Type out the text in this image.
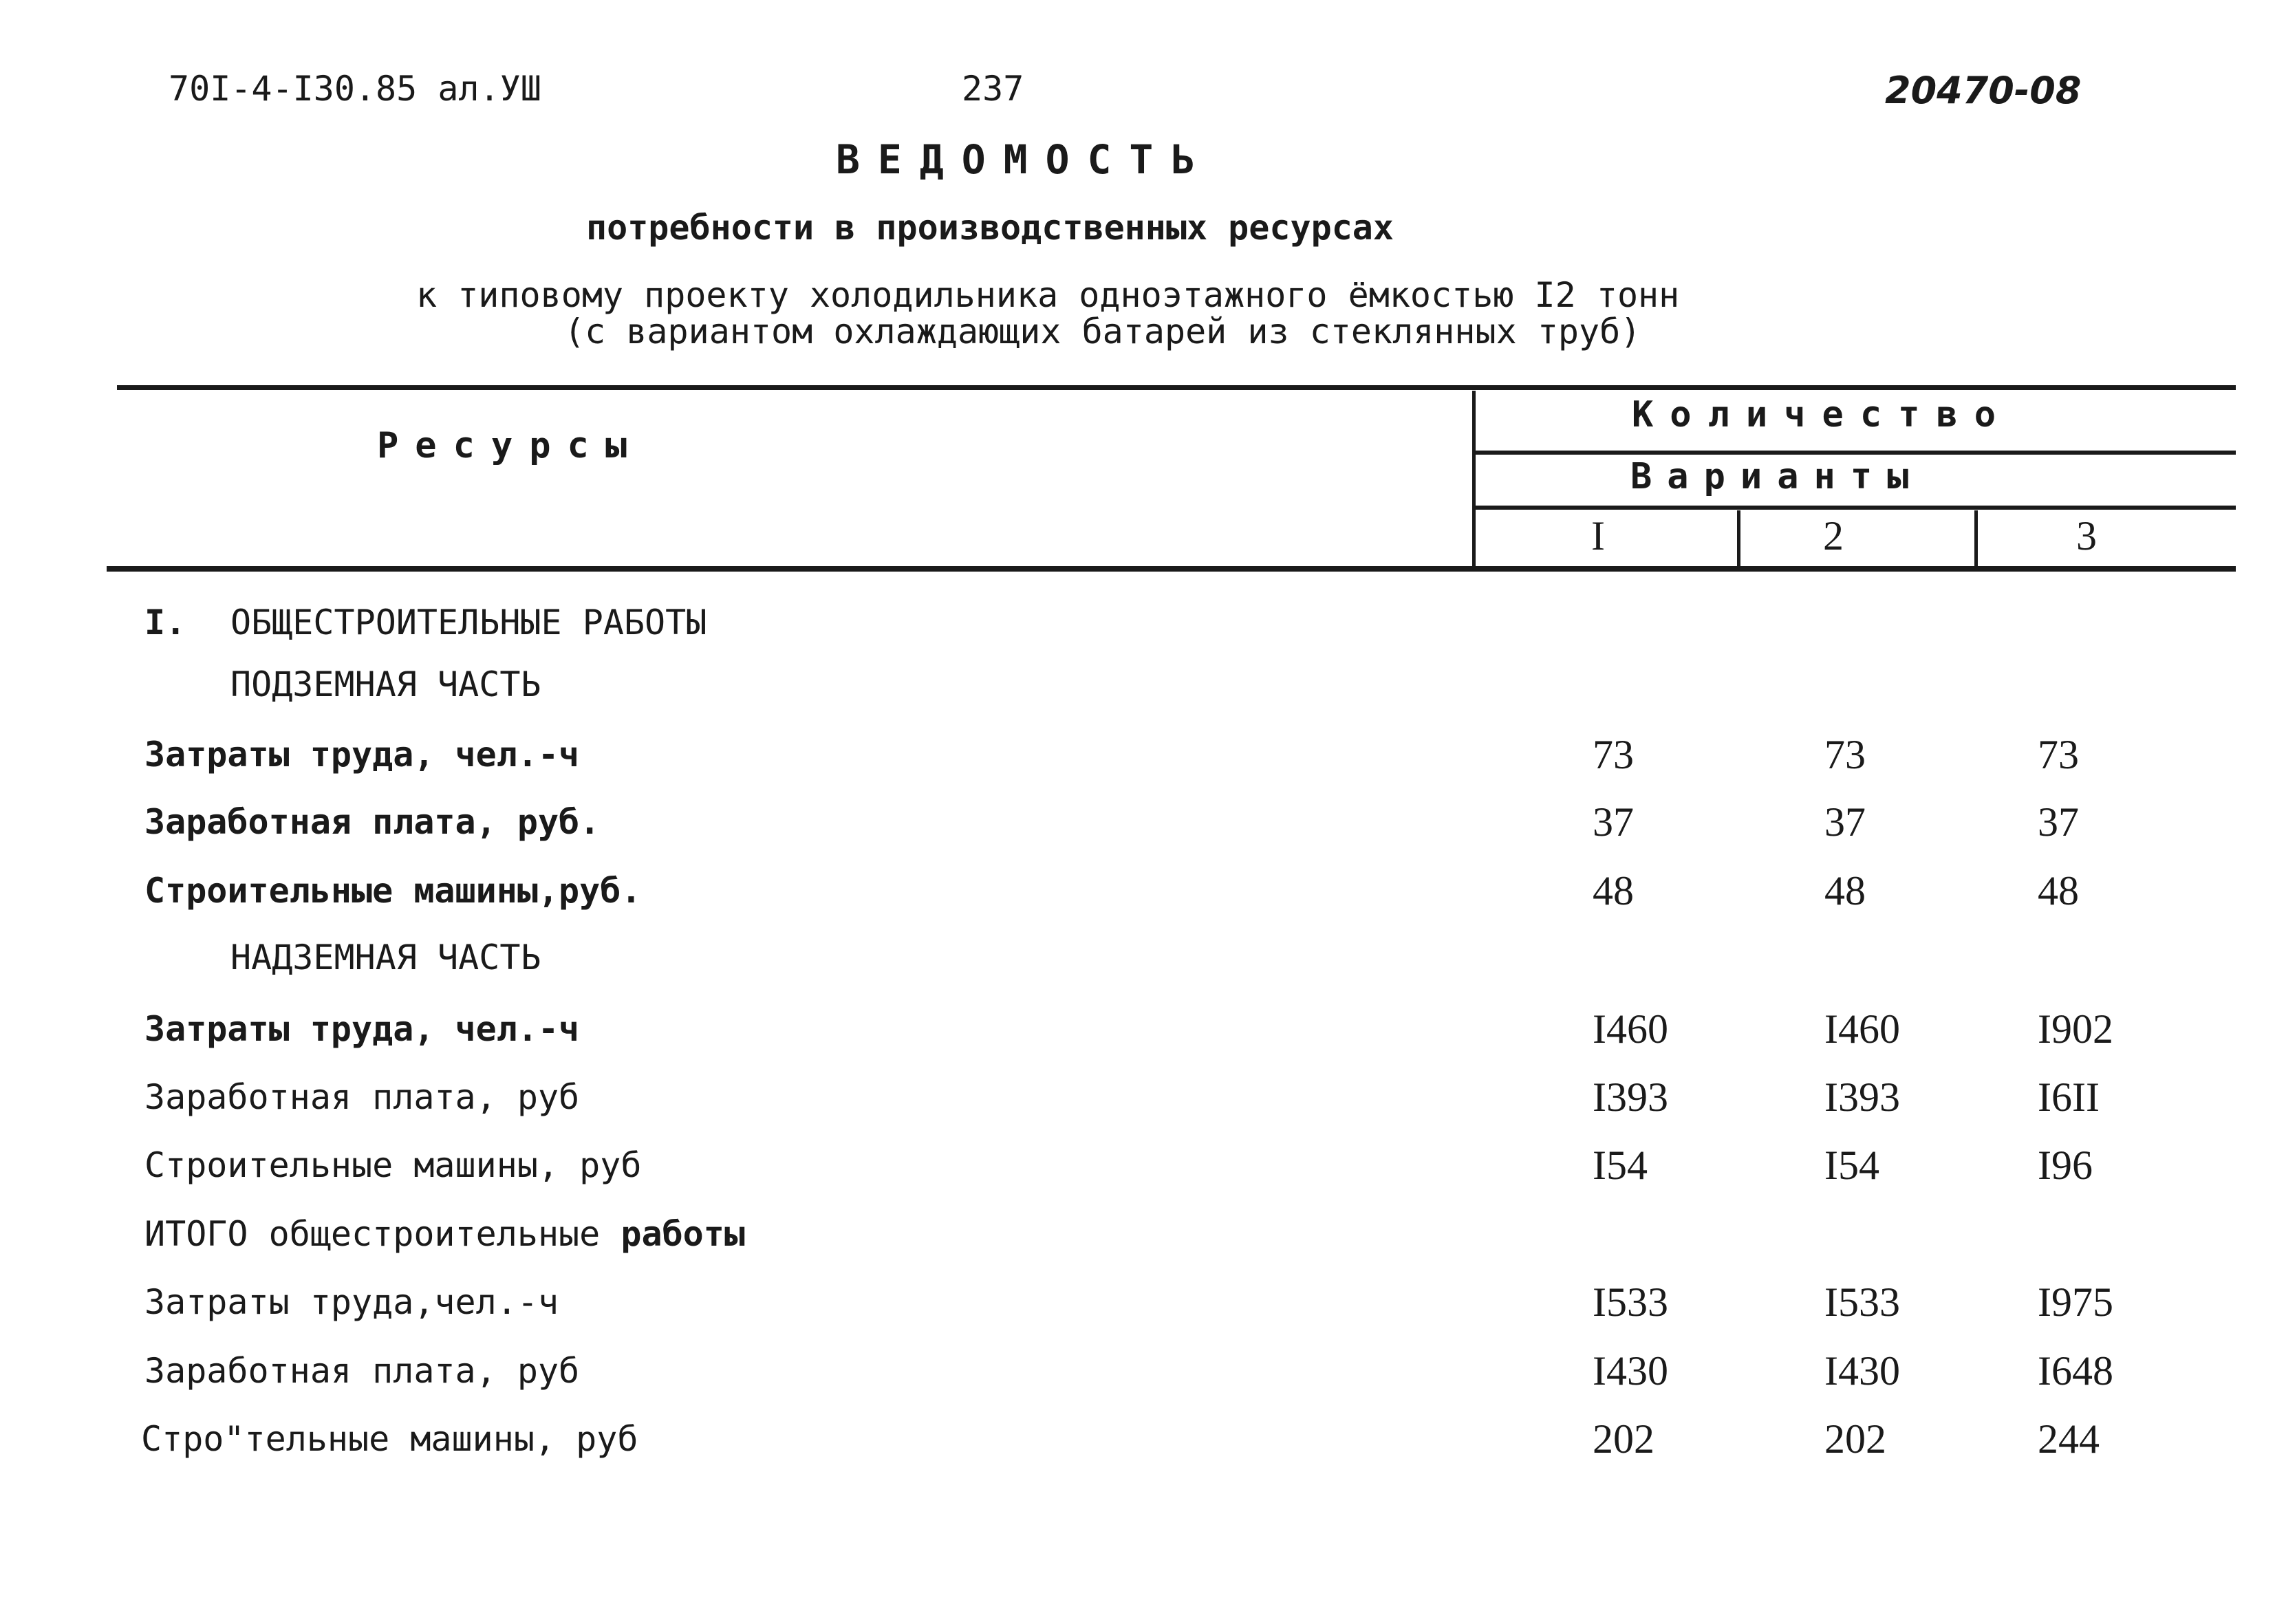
70I-4-I30.85 ал.УШ	237	20470-08
ВЕДОМОСТЬ
потребности в производственных ресурсах
к типовому проекту холодильника одноэтажного ёмкостью I2 тонн
(с вариантом охлаждающих батарей из стеклянных труб)
Ресурсы
Количество
Варианты
I	2	3
I. ОБЩЕСТРОИТЕЛЬНЫЕ РАБОТЫ
ПОДЗЕМНАЯ ЧАСТЬ
Затраты труда, чел.-ч	73	73	73
Заработная плата, руб.	37	37	37
Строительные машины,руб.	48	48	48
НАДЗЕМНАЯ ЧАСТЬ
Затраты труда, чел.-ч	I460	I460	I902
Заработная плата, руб	I393	I393	I6II
Строительные машины, руб	I54	I54	I96
ИТОГО общестроительные работы
Затраты труда,чел.-ч	I533	I533	I975
Заработная плата, руб	I430	I430	I648
Стро"тельные машины, руб	202	202	244
